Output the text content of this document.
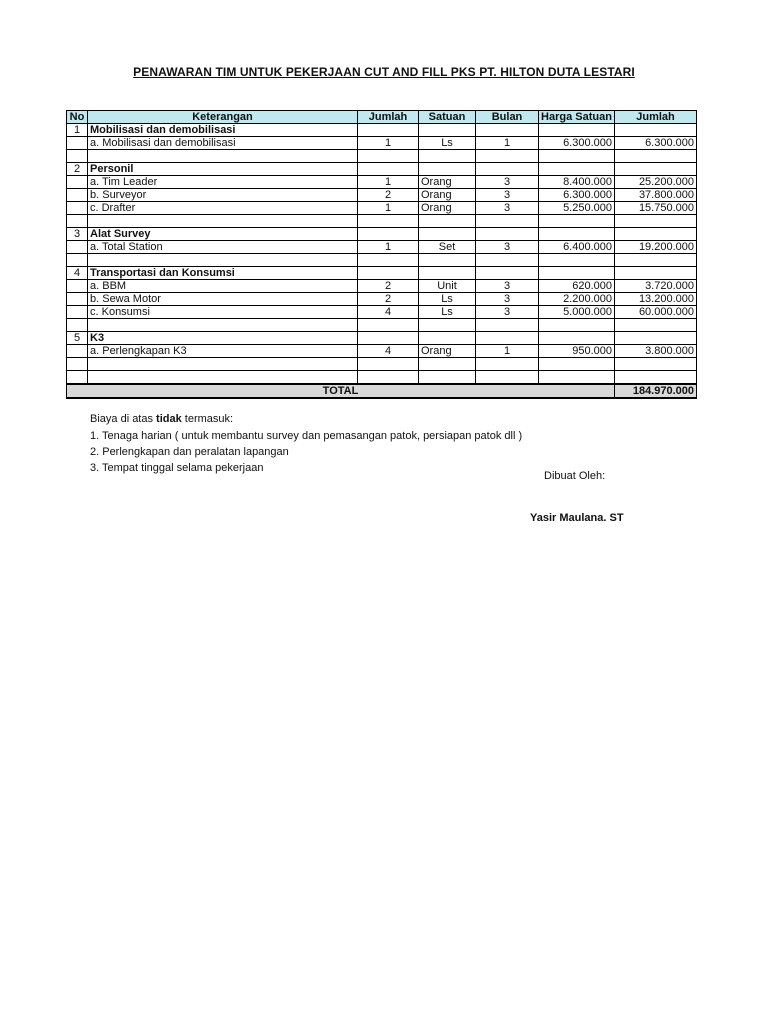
PENAWARAN TIM UNTUK PEKERJAAN CUT AND FILL PKS PT. HILTON DUTA LESTARI
No	Keterangan	Jumlah	Satuan	Bulan	Harga Satuan	Jumlah
1	Mobilisasi dan demobilisasi					
	a. Mobilisasi dan demobilisasi	1	Ls	1	6.300.000	6.300.000

2	Personil					
	a. Tim Leader	1	Orang	3	8.400.000	25.200.000
	b. Surveyor	2	Orang	3	6.300.000	37.800.000
	c. Drafter	1	Orang	3	5.250.000	15.750.000

3	Alat Survey					
	a. Total Station	1	Set	3	6.400.000	19.200.000

4	Transportasi dan Konsumsi					
	a. BBM	2	Unit	3	620.000	3.720.000
	b. Sewa Motor	2	Ls	3	2.200.000	13.200.000
	c. Konsumsi	4	Ls	3	5.000.000	60.000.000

5	K3					
	a. Perlengkapan K3	4	Orang	1	950.000	3.800.000

TOTAL						184.970.000
Biaya di atas tidak termasuk:
1. Tenaga harian ( untuk membantu survey dan pemasangan patok, persiapan patok dll )
2. Perlengkapan dan peralatan lapangan
3. Tempat tinggal selama pekerjaan
Dibuat Oleh:
Yasir Maulana. ST
